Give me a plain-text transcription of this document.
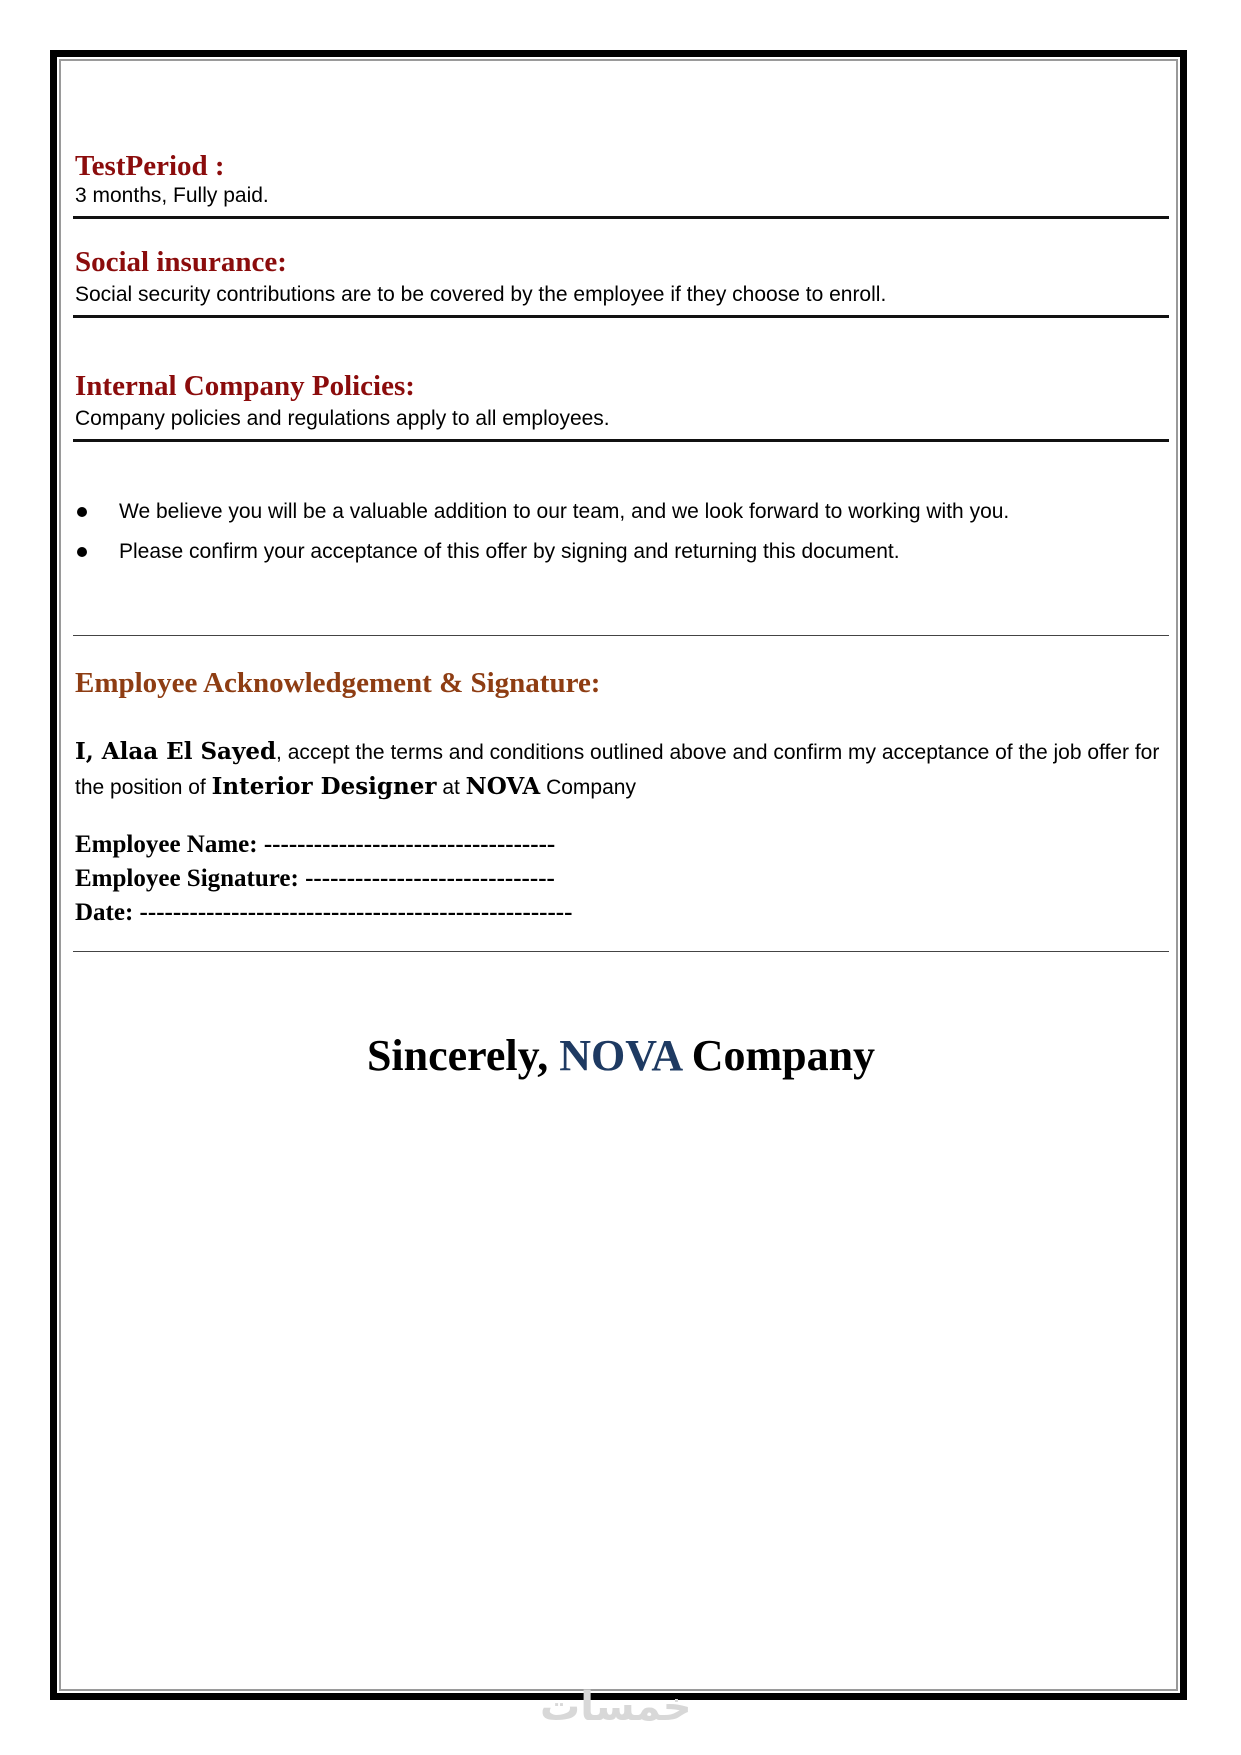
TestPeriod :
3 months, Fully paid.
Social insurance:
Social security contributions are to be covered by the employee if they choose to enroll.
Internal Company Policies:
Company policies and regulations apply to all employees.
We believe you will be a valuable addition to our team, and we look forward to working with you.
Please confirm your acceptance of this offer by signing and returning this document.
Employee Acknowledgement & Signature:
I, Alaa El Sayed, accept the terms and conditions outlined above and confirm my acceptance of the job offer for the position of Interior Designer at NOVA Company
Employee Name: -----------------------------------
Employee Signature: ------------------------------
Date: ----------------------------------------------------
Sincerely, NOVA Company
خمسات
